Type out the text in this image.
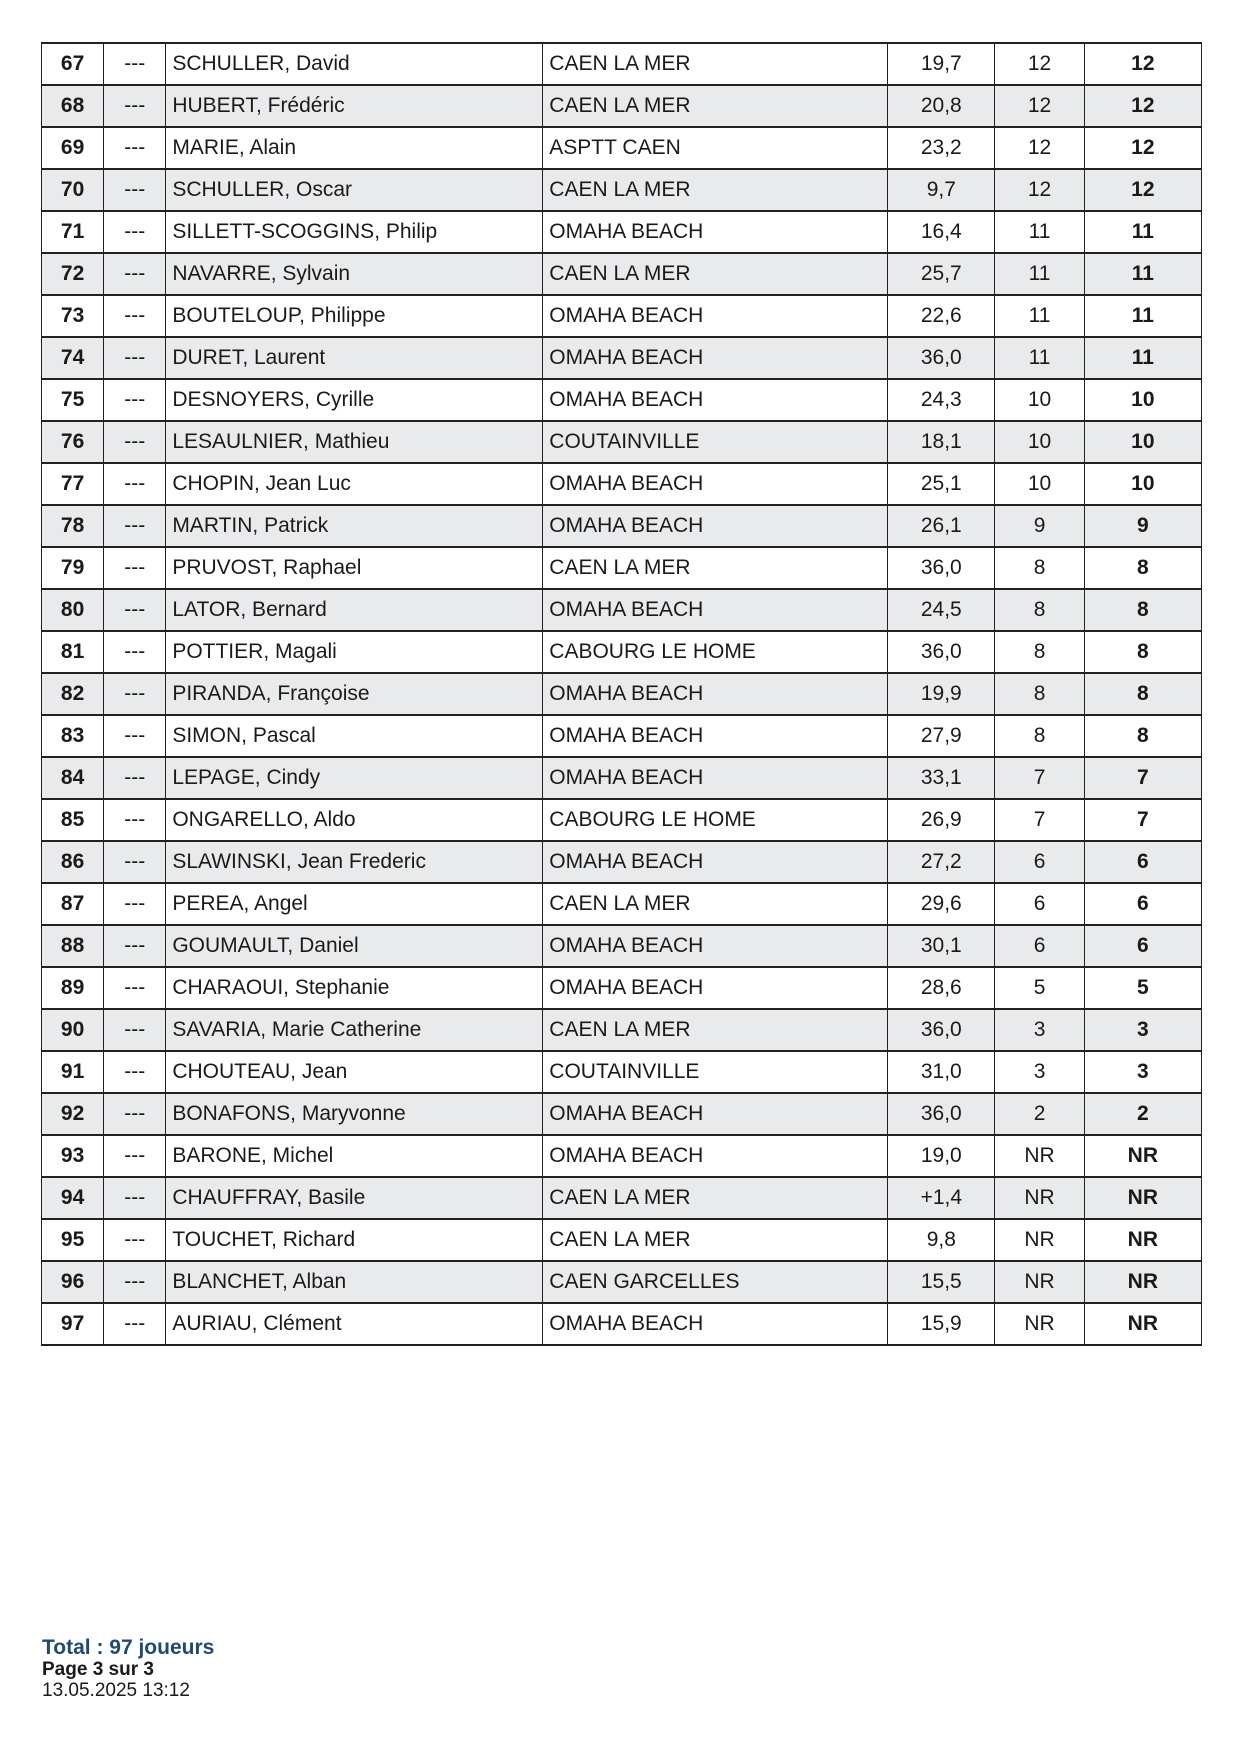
67	---	SCHULLER, David	CAEN LA MER	19,7	12	12
68	---	HUBERT, Frédéric	CAEN LA MER	20,8	12	12
69	---	MARIE, Alain	ASPTT CAEN	23,2	12	12
70	---	SCHULLER, Oscar	CAEN LA MER	9,7	12	12
71	---	SILLETT-SCOGGINS, Philip	OMAHA BEACH	16,4	11	11
72	---	NAVARRE, Sylvain	CAEN LA MER	25,7	11	11
73	---	BOUTELOUP, Philippe	OMAHA BEACH	22,6	11	11
74	---	DURET, Laurent	OMAHA BEACH	36,0	11	11
75	---	DESNOYERS, Cyrille	OMAHA BEACH	24,3	10	10
76	---	LESAULNIER, Mathieu	COUTAINVILLE	18,1	10	10
77	---	CHOPIN, Jean Luc	OMAHA BEACH	25,1	10	10
78	---	MARTIN, Patrick	OMAHA BEACH	26,1	9	9
79	---	PRUVOST, Raphael	CAEN LA MER	36,0	8	8
80	---	LATOR, Bernard	OMAHA BEACH	24,5	8	8
81	---	POTTIER, Magali	CABOURG LE HOME	36,0	8	8
82	---	PIRANDA, Françoise	OMAHA BEACH	19,9	8	8
83	---	SIMON, Pascal	OMAHA BEACH	27,9	8	8
84	---	LEPAGE, Cindy	OMAHA BEACH	33,1	7	7
85	---	ONGARELLO, Aldo	CABOURG LE HOME	26,9	7	7
86	---	SLAWINSKI, Jean Frederic	OMAHA BEACH	27,2	6	6
87	---	PEREA, Angel	CAEN LA MER	29,6	6	6
88	---	GOUMAULT, Daniel	OMAHA BEACH	30,1	6	6
89	---	CHARAOUI, Stephanie	OMAHA BEACH	28,6	5	5
90	---	SAVARIA, Marie Catherine	CAEN LA MER	36,0	3	3
91	---	CHOUTEAU, Jean	COUTAINVILLE	31,0	3	3
92	---	BONAFONS, Maryvonne	OMAHA BEACH	36,0	2	2
93	---	BARONE, Michel	OMAHA BEACH	19,0	NR	NR
94	---	CHAUFFRAY, Basile	CAEN LA MER	+1,4	NR	NR
95	---	TOUCHET, Richard	CAEN LA MER	9,8	NR	NR
96	---	BLANCHET, Alban	CAEN GARCELLES	15,5	NR	NR
97	---	AURIAU, Clément	OMAHA BEACH	15,9	NR	NR
Total : 97 joueurs
Page 3 sur 3
13.05.2025 13:12
